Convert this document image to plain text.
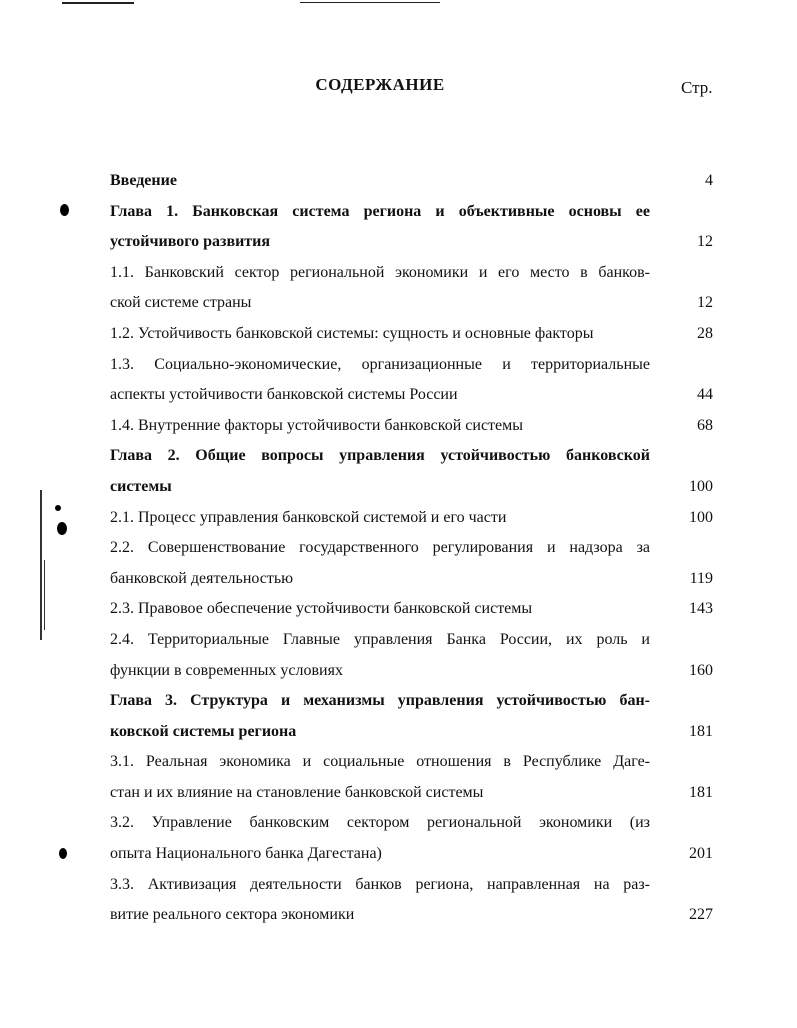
СОДЕРЖАНИЕ	Стр.
Введение	4
Глава 1. Банковская система региона и объективные основы ее
устойчивого развития	12
1.1. Банковский сектор региональной экономики и его место в банков-
ской системе страны	12
1.2. Устойчивость банковской системы: сущность и основные факторы	28
1.3. Социально-экономические, организационные и территориальные
аспекты устойчивости банковской системы России	44
1.4. Внутренние факторы устойчивости банковской системы	68
Глава 2. Общие вопросы управления устойчивостью банковской
системы	100
2.1. Процесс управления банковской системой и его части	100
2.2. Совершенствование государственного регулирования и надзора за
банковской деятельностью	119
2.3. Правовое обеспечение устойчивости банковской системы	143
2.4. Территориальные Главные управления Банка России, их роль и
функции в современных условиях	160
Глава 3. Структура и механизмы управления устойчивостью бан-
ковской системы региона	181
3.1. Реальная экономика и социальные отношения в Республике Даге-
стан и их влияние на становление банковской системы	181
3.2. Управление банковским сектором региональной экономики (из
опыта Национального банка Дагестана)	201
3.3. Активизация деятельности банков региона, направленная на раз-
витие реального сектора экономики	227
